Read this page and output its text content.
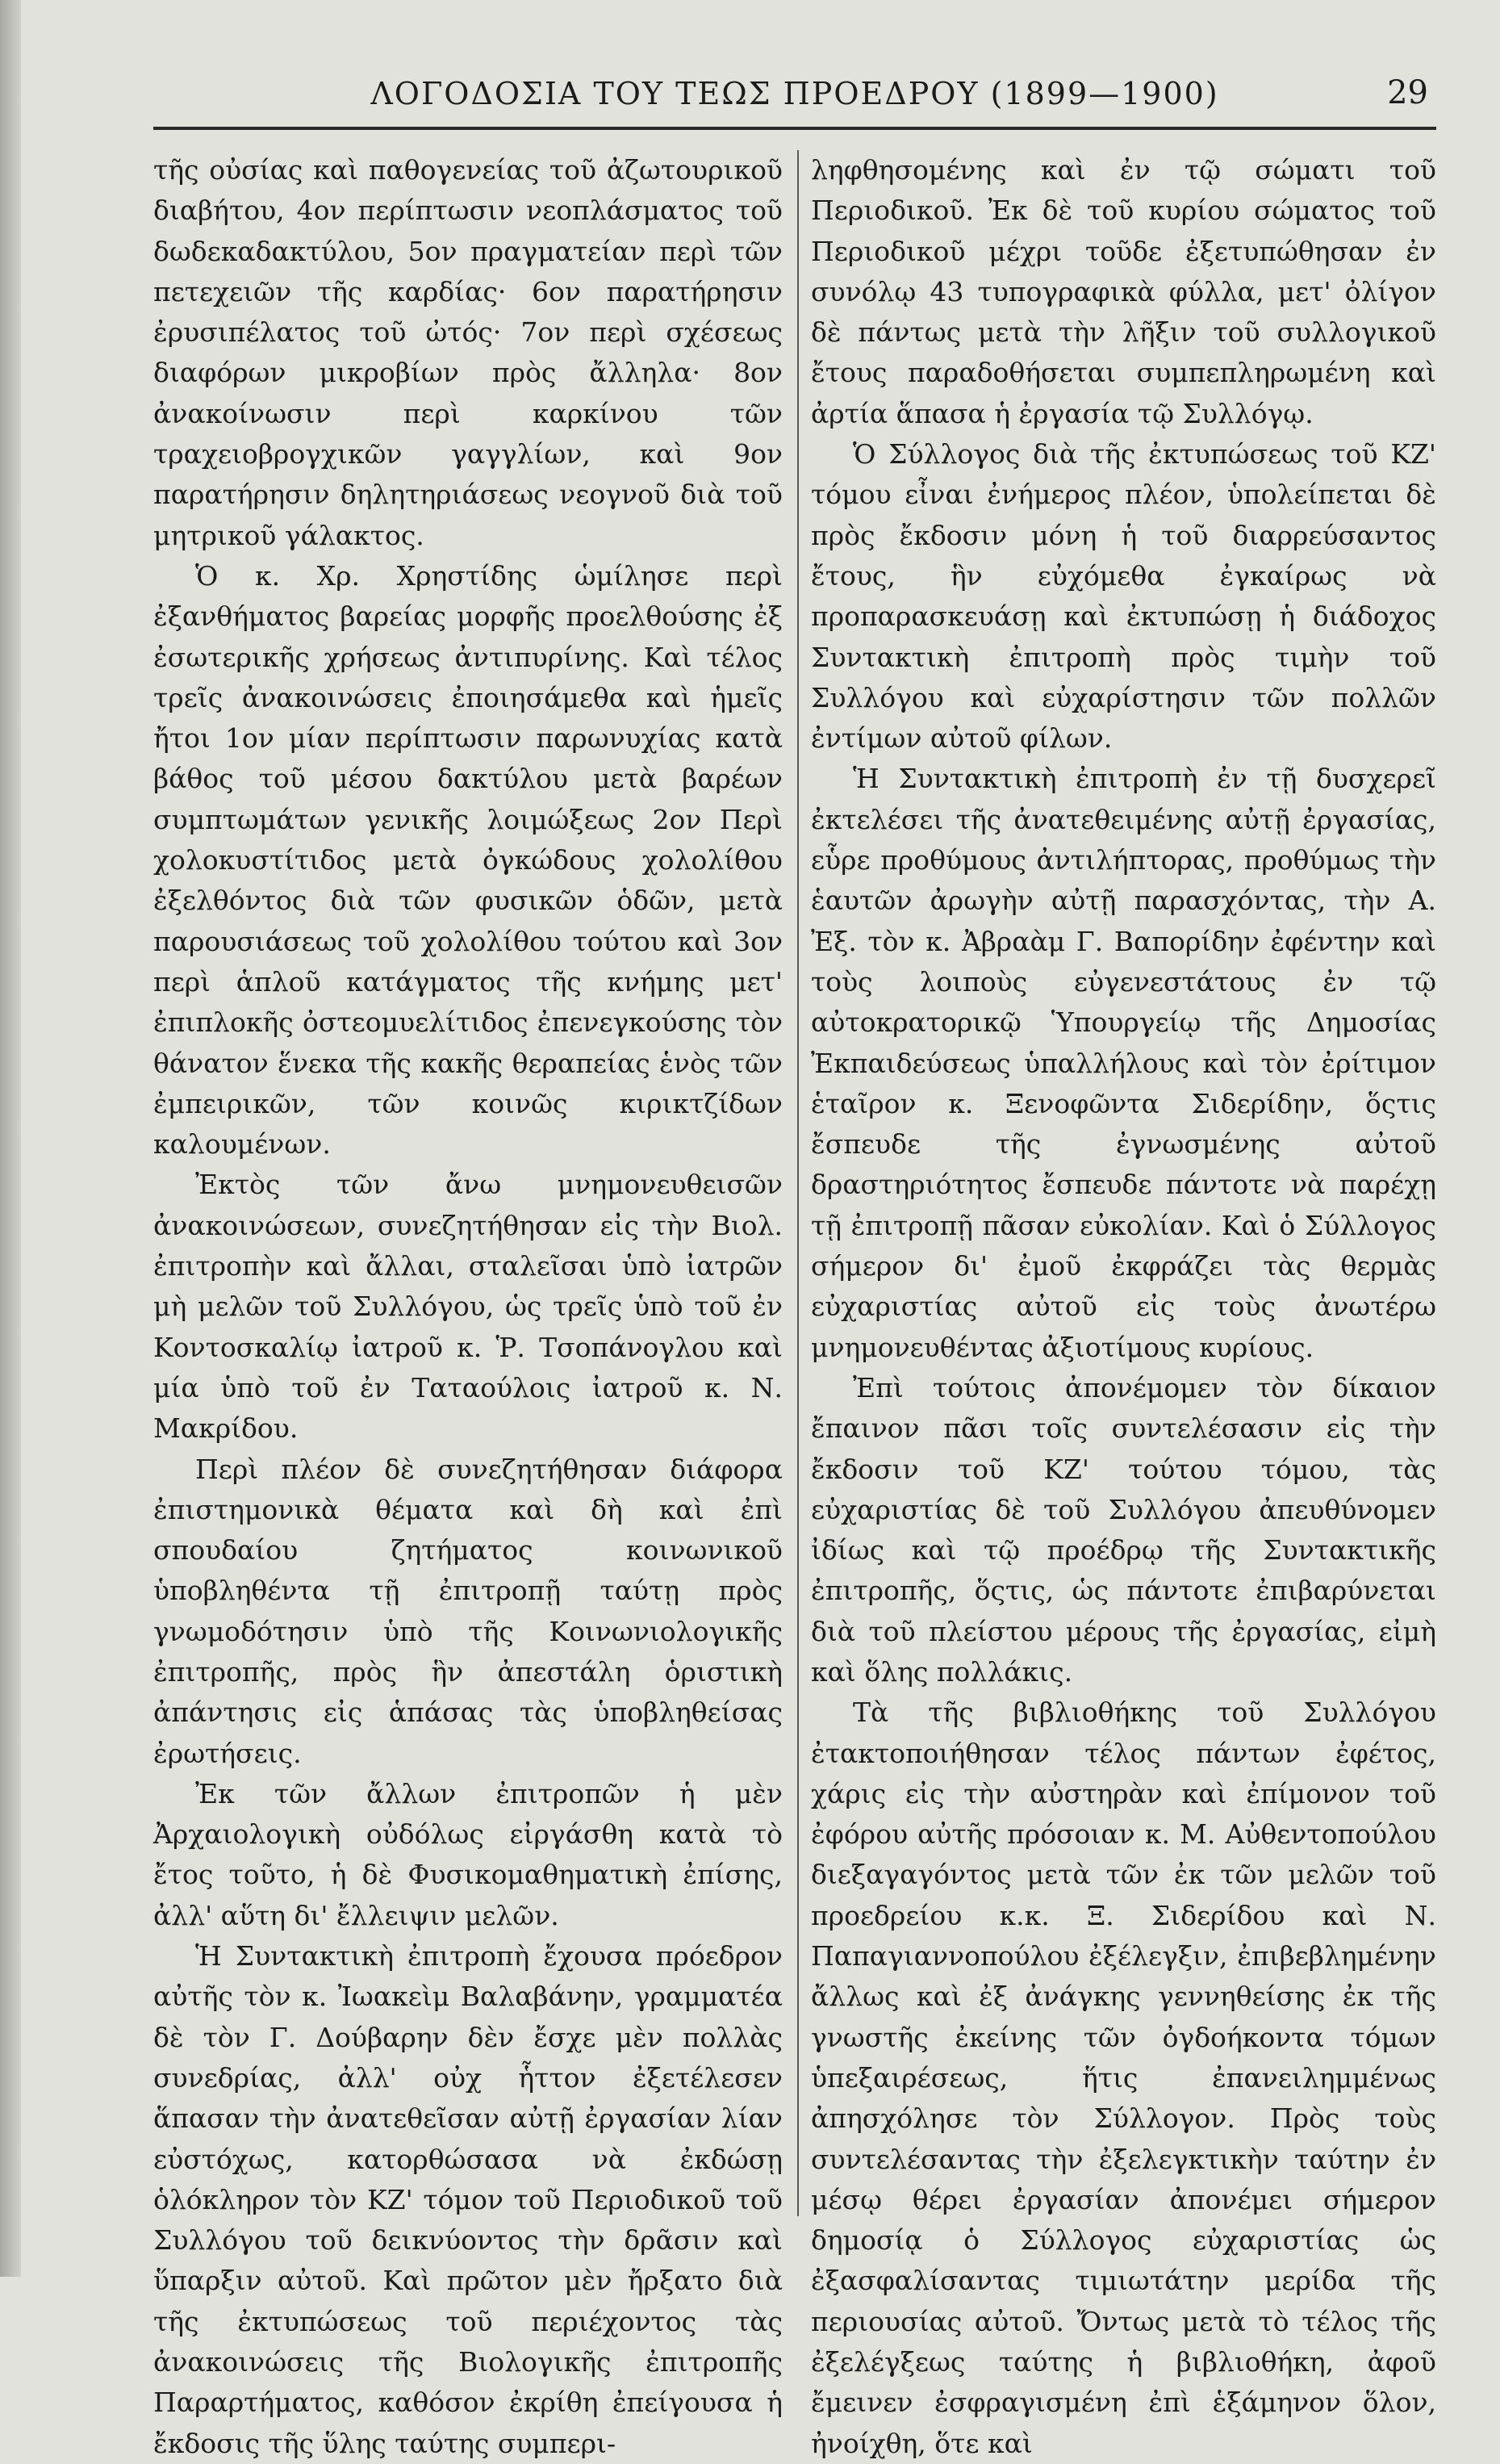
ΛΟΓΟΔΟΣΙΑ ΤΟΥ ΤΕΩΣ ΠΡΟΕΔΡΟΥ (1899—1900)	29

τῆς οὐσίας καὶ παθογενείας τοῦ ἀζωτουρικοῦ διαβήτου, 4ον περίπτωσιν νεοπλάσματος τοῦ δωδεκαδακτύλου, 5ον πραγματείαν περὶ τῶν πετεχειῶν τῆς καρδίας· 6ον παρατήρησιν ἐρυσιπέλατος τοῦ ὠτός· 7ον περὶ σχέσεως διαφόρων μικροβίων πρὸς ἄλληλα· 8ον ἀνακοίνωσιν περὶ καρκίνου τῶν τραχειοβρογχικῶν γαγγλίων, καὶ 9ον παρατήρησιν δηλητηριάσεως νεογνοῦ διὰ τοῦ μητρικοῦ γάλακτος.

Ὁ κ. Χρ. Χρηστίδης ὡμίλησε περὶ ἐξανθήματος βαρείας μορφῆς προελθούσης ἐξ ἐσωτερικῆς χρήσεως ἀντιπυρίνης. Καὶ τέλος τρεῖς ἀνακοινώσεις ἐποιησάμεθα καὶ ἡμεῖς ἤτοι 1ον μίαν περίπτωσιν παρωνυχίας κατὰ βάθος τοῦ μέσου δακτύλου μετὰ βαρέων συμπτωμάτων γενικῆς λοιμώξεως 2ον Περὶ χολοκυστίτιδος μετὰ ὀγκώδους χολολίθου ἐξελθόντος διὰ τῶν φυσικῶν ὁδῶν, μετὰ παρουσιάσεως τοῦ χολολίθου τούτου καὶ 3ον περὶ ἁπλοῦ κατάγματος τῆς κνήμης μετ' ἐπιπλοκῆς ὀστεομυελίτιδος ἐπενεγκούσης τὸν θάνατον ἕνεκα τῆς κακῆς θεραπείας ἑνὸς τῶν ἐμπειρικῶν, τῶν κοινῶς κιρικτζίδων καλουμένων.

Ἐκτὸς τῶν ἄνω μνημονευθεισῶν ἀνακοινώσεων, συνεζητήθησαν εἰς τὴν Βιολ. ἐπιτροπὴν καὶ ἄλλαι, σταλεῖσαι ὑπὸ ἰατρῶν μὴ μελῶν τοῦ Συλλόγου, ὡς τρεῖς ὑπὸ τοῦ ἐν Κοντοσκαλίῳ ἰατροῦ κ. Ῥ. Τσοπάνογλου καὶ μία ὑπὸ τοῦ ἐν Ταταούλοις ἰατροῦ κ. Ν. Μακρίδου.

Περὶ πλέον δὲ συνεζητήθησαν διάφορα ἐπιστημονικὰ θέματα καὶ δὴ καὶ ἐπὶ σπουδαίου ζητήματος κοινωνικοῦ ὑποβληθέντα τῇ ἐπιτροπῇ ταύτῃ πρὸς γνωμοδότησιν ὑπὸ τῆς Κοινωνιολογικῆς ἐπιτροπῆς, πρὸς ἣν ἀπεστάλη ὁριστικὴ ἀπάντησις εἰς ἁπάσας τὰς ὑποβληθείσας ἐρωτήσεις.

Ἐκ τῶν ἄλλων ἐπιτροπῶν ἡ μὲν Ἀρχαιολογικὴ οὐδόλως εἰργάσθη κατὰ τὸ ἔτος τοῦτο, ἡ δὲ Φυσικομαθηματικὴ ἐπίσης, ἀλλ' αὕτη δι' ἔλλειψιν μελῶν.

Ἡ Συντακτικὴ ἐπιτροπὴ ἔχουσα πρόεδρον αὐτῆς τὸν κ. Ἰωακεὶμ Βαλαβάνην, γραμματέα δὲ τὸν Γ. Δούβαρην δὲν ἔσχε μὲν πολλὰς συνεδρίας, ἀλλ' οὐχ ἧττον ἐξετέλεσεν ἅπασαν τὴν ἀνατεθεῖσαν αὐτῇ ἐργασίαν λίαν εὐστόχως, κατορθώσασα νὰ ἐκδώσῃ ὁλόκληρον τὸν ΚΖ' τόμον τοῦ Περιοδικοῦ τοῦ Συλλόγου τοῦ δεικνύοντος τὴν δρᾶσιν καὶ ὕπαρξιν αὐτοῦ. Καὶ πρῶτον μὲν ἤρξατο διὰ τῆς ἐκτυπώσεως τοῦ περιέχοντος τὰς ἀνακοινώσεις τῆς Βιολογικῆς ἐπιτροπῆς Παραρτήματος, καθόσον ἐκρίθη ἐπείγουσα ἡ ἔκδοσις τῆς ὕλης ταύτης συμπερι-

ληφθησομένης καὶ ἐν τῷ σώματι τοῦ Περιοδικοῦ. Ἐκ δὲ τοῦ κυρίου σώματος τοῦ Περιοδικοῦ μέχρι τοῦδε ἐξετυπώθησαν ἐν συνόλῳ 43 τυπογραφικὰ φύλλα, μετ' ὀλίγον δὲ πάντως μετὰ τὴν λῆξιν τοῦ συλλογικοῦ ἔτους παραδοθήσεται συμπεπληρωμένη καὶ ἀρτία ἅπασα ἡ ἐργασία τῷ Συλλόγῳ.

Ὁ Σύλλογος διὰ τῆς ἐκτυπώσεως τοῦ ΚΖ' τόμου εἶναι ἐνήμερος πλέον, ὑπολείπεται δὲ πρὸς ἔκδοσιν μόνη ἡ τοῦ διαρρεύσαντος ἔτους, ἣν εὐχόμεθα ἐγκαίρως νὰ προπαρασκευάσῃ καὶ ἐκτυπώσῃ ἡ διάδοχος Συντακτικὴ ἐπιτροπὴ πρὸς τιμὴν τοῦ Συλλόγου καὶ εὐχαρίστησιν τῶν πολλῶν ἐντίμων αὐτοῦ φίλων.

Ἡ Συντακτικὴ ἐπιτροπὴ ἐν τῇ δυσχερεῖ ἐκτελέσει τῆς ἀνατεθειμένης αὐτῇ ἐργασίας, εὗρε προθύμους ἀντιλήπτορας, προθύμως τὴν ἑαυτῶν ἀρωγὴν αὐτῇ παρασχόντας, τὴν Α. Ἐξ. τὸν κ. Ἀβραὰμ Γ. Βαπορίδην ἐφέντην καὶ τοὺς λοιποὺς εὐγενεστάτους ἐν τῷ αὐτοκρατορικῷ Ὑπουργείῳ τῆς Δημοσίας Ἐκπαιδεύσεως ὑπαλλήλους καὶ τὸν ἐρίτιμον ἑταῖρον κ. Ξενοφῶντα Σιδερίδην, ὅςτις ἔσπευδε τῆς ἐγνωσμένης αὐτοῦ δραστηριότητος ἔσπευδε πάντοτε νὰ παρέχῃ τῇ ἐπιτροπῇ πᾶσαν εὐκολίαν. Καὶ ὁ Σύλλογος σήμερον δι' ἐμοῦ ἐκφράζει τὰς θερμὰς εὐχαριστίας αὐτοῦ εἰς τοὺς ἀνωτέρω μνημονευθέντας ἀξιοτίμους κυρίους.

Ἐπὶ τούτοις ἀπονέμομεν τὸν δίκαιον ἔπαινον πᾶσι τοῖς συντελέσασιν εἰς τὴν ἔκδοσιν τοῦ ΚΖ' τούτου τόμου, τὰς εὐχαριστίας δὲ τοῦ Συλλόγου ἀπευθύνομεν ἰδίως καὶ τῷ προέδρῳ τῆς Συντακτικῆς ἐπιτροπῆς, ὅςτις, ὡς πάντοτε ἐπιβαρύνεται διὰ τοῦ πλείστου μέρους τῆς ἐργασίας, εἰμὴ καὶ ὅλης πολλάκις.

Τὰ τῆς βιβλιοθήκης τοῦ Συλλόγου ἐτακτοποιήθησαν τέλος πάντων ἐφέτος, χάρις εἰς τὴν αὐστηρὰν καὶ ἐπίμονον τοῦ ἐφόρου αὐτῆς πρόσοιαν κ. Μ. Αὐθεντοπούλου διεξαγαγόντος μετὰ τῶν ἐκ τῶν μελῶν τοῦ προεδρείου κ.κ. Ξ. Σιδερίδου καὶ Ν. Παπαγιαννοπούλου ἐξέλεγξιν, ἐπιβεβλημένην ἄλλως καὶ ἐξ ἀνάγκης γεννηθείσης ἐκ τῆς γνωστῆς ἐκείνης τῶν ὀγδοήκοντα τόμων ὑπεξαιρέσεως, ἥτις ἐπανειλημμένως ἀπησχόλησε τὸν Σύλλογον. Πρὸς τοὺς συντελέσαντας τὴν ἐξελεγκτικὴν ταύτην ἐν μέσῳ θέρει ἐργασίαν ἀπονέμει σήμερον δημοσίᾳ ὁ Σύλλογος εὐχαριστίας ὡς ἐξασφαλίσαντας τιμιωτάτην μερίδα τῆς περιουσίας αὐτοῦ. Ὄντως μετὰ τὸ τέλος τῆς ἐξελέγξεως ταύτης ἡ βιβλιοθήκη, ἀφοῦ ἔμεινεν ἐσφραγισμένη ἐπὶ ἑξάμηνον ὅλον, ἠνοίχθη, ὅτε καὶ
